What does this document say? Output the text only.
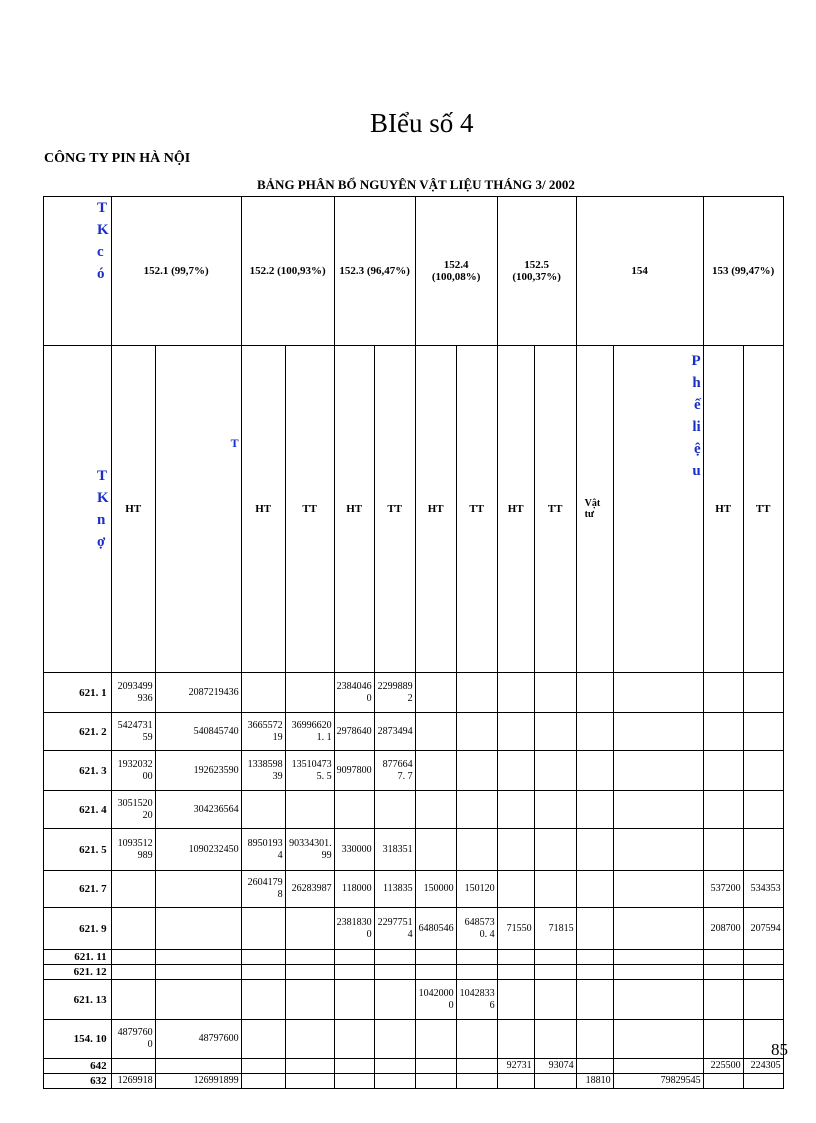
BIểu số 4
CÔNG TY PIN HÀ NỘI
BẢNG PHÂN BỔ NGUYÊN VẬT LIỆU THÁNG 3/ 2002
TK
có	152.1 (99,7%)		152.2 (100,93%)		152.3 (96,47%)		152.4
(100,08%)		152.5
(100,37%)		154		153 (99,47%)	
TK
nợ	HT	T	HT	TT	HT	TT	HT	TT	HT	TT	Vật
tư	Phế
liệu	HT	TT
621. 1	2093499936	2087219436			23840460	22998892								
621. 2	542473159	540845740	366557219	369966201. 1	2978640	2873494								
621. 3	193203200	192623590	133859839	135104735. 5	9097800	8776647. 7								
621. 4	305152020	304236564												
621. 5	1093512989	1090232450	89501934	90334301.99	330000	318351								
621. 7			26041798	26283987	118000	113835	150000	150120					537200	534353
621. 9					23818300	22977514	6480546	648573 0. 4	71550	71815			208700	207594
621. 11														
621. 12														
621. 13							10420000	10428336						
154. 10	48797600	48797600												
642									92731	93074			225500	224305
632	1269918	126991899									18810	79829545		
85
